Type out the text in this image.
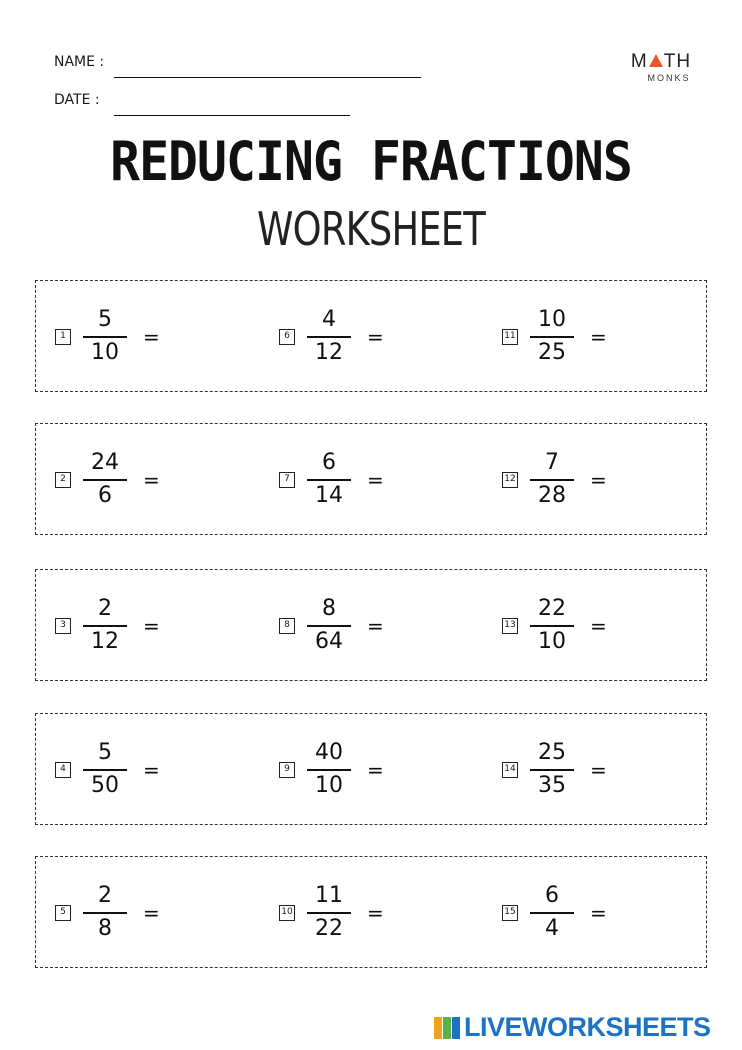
NAME :
DATE :
M TH
MONKS
REDUCING FRACTIONS
WORKSHEET
$1 \frac{5}{10}$ =	$6 \frac{4}{12}$ =	$11 \frac{10}{25}$ =
$2 \frac{24}{6}$ =	$7 \frac{6}{14}$ =	$12 \frac{7}{28}$ =
$3 \frac{2}{12}$ =	$8 \frac{8}{64}$ =	$13 \frac{22}{10}$ =
$4 \frac{5}{50}$ =	$9 \frac{40}{10}$ =	$14 \frac{25}{35}$ =
$5 \frac{2}{8}$ =	$10 \frac{11}{22}$ =	$15 \frac{6}{4}$ =
LIVEWORKSHEETS
